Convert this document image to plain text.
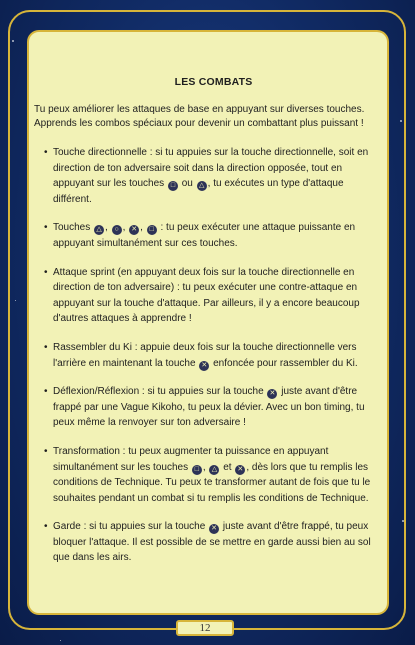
LES COMBATS

Tu peux améliorer les attaques de base en appuyant sur diverses touches. Apprends les combos spéciaux pour devenir un combattant plus puissant !

• Touche directionnelle : si tu appuies sur la touche directionnelle, soit en direction de ton adversaire soit dans la direction opposée, tout en appuyant sur les touches □ ou △ , tu exécutes un type d'attaque différent.
• Touches △ , ○ , ✕ , □ : tu peux exécuter une attaque puissante en appuyant simultanément sur ces touches.
• Attaque sprint (en appuyant deux fois sur la touche directionnelle en direction de ton adversaire) : tu peux exécuter une contre-attaque en appuyant sur la touche d'attaque. Par ailleurs, il y a encore beaucoup d'autres attaques à apprendre !
• Rassembler du Ki : appuie deux fois sur la touche directionnelle vers l'arrière en maintenant la touche ✕ enfoncée pour rassembler du Ki.
• Déflexion/Réflexion : si tu appuies sur la touche ✕ juste avant d'être frappé par une Vague Kikoho, tu peux la dévier. Avec un bon timing, tu peux même la renvoyer sur ton adversaire !
• Transformation : tu peux augmenter ta puissance en appuyant simultanément sur les touches □ , △ et ✕ , dès lors que tu remplis les conditions de Technique. Tu peux te transformer autant de fois que tu le souhaites pendant un combat si tu remplis les conditions de Technique.
• Garde : si tu appuies sur la touche ✕ juste avant d'être frappé, tu peux bloquer l'attaque. Il est possible de se mettre en garde aussi bien au sol que dans les airs.
12
